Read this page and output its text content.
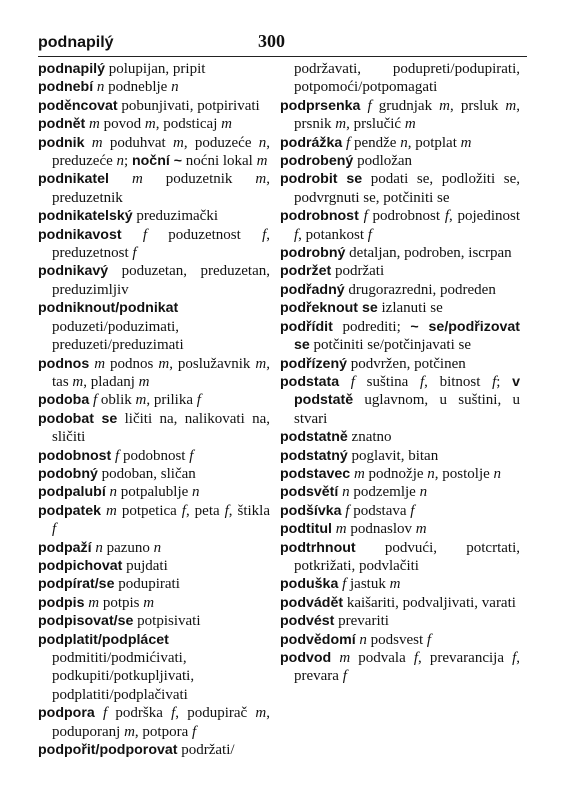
podnapilý	300
podnapilý polupijan, pripit
podnebí n podneblje n
poděncovat pobunjivati, potpirivati
podnět m povod m, podsticaj m
podnik m poduhvat m, poduzeće n, preduzeće n; noční ~ noćni lokal m
podnikatel m poduzetnik m, preduzetnik
podnikatelský preduzimački
podnikavost f poduzetnost f, preduzetnost f
podnikavý poduzetan, preduzetan, preduzimljiv
podniknout/podnikat poduzeti/poduzimati, preduzeti/preduzimati
podnos m podnos m, poslužavnik m, tas m, pladanj m
podoba f oblik m, prilika f
podobat se ličiti na, nalikovati na, sličiti
podobnost f podobnost f
podobný podoban, sličan
podpalubí n potpalublje n
podpatek m potpetica f, peta f, štikla f
podpaží n pazuno n
podpichovat pujdati
podpírat/se podupirati
podpis m potpis m
podpisovat/se potpisivati
podplatit/podplácet podmititi/podmićivati, podkupiti/potkupljivati, podplatiti/podplačivati
podpora f podrška f, podupirač m, poduporanj m, potpora f
podpořit/podporovat podržati/
podržavati, podupreti/podupirati, potpomoći/potpomagati
podprsenka f grudnjak m, prsluk m, prsnik m, prslučić m
podrážka f pendže n, potplat m
podrobený podložan
podrobit se podati se, podložiti se, podvrgnuti se, potčiniti se
podrobnost f podrobnost f, pojedinost f, potankost f
podrobný detaljan, podroben, iscrpan
podržet podržati
podřadný drugorazredni, podreden
podřeknout se izlanuti se
podřídit podrediti; ~ se/podřizovat se potčiniti se/potčinjavati se
podřízený podvržen, potčinen
podstata f suština f, bitnost f; v podstatě uglavnom, u suštini, u stvari
podstatně znatno
podstatný poglavit, bitan
podstavec m podnožje n, postolje n
podsvětí n podzemlje n
podšívka f podstava f
podtitul m podnaslov m
podtrhnout podvući, potcrtati, potkrižati, podvlačiti
poduška f jastuk m
podvádět kaišariti, podvaljivati, varati
podvést prevariti
podvědomí n podsvest f
podvod m podvala f, prevarancija f, prevara f
